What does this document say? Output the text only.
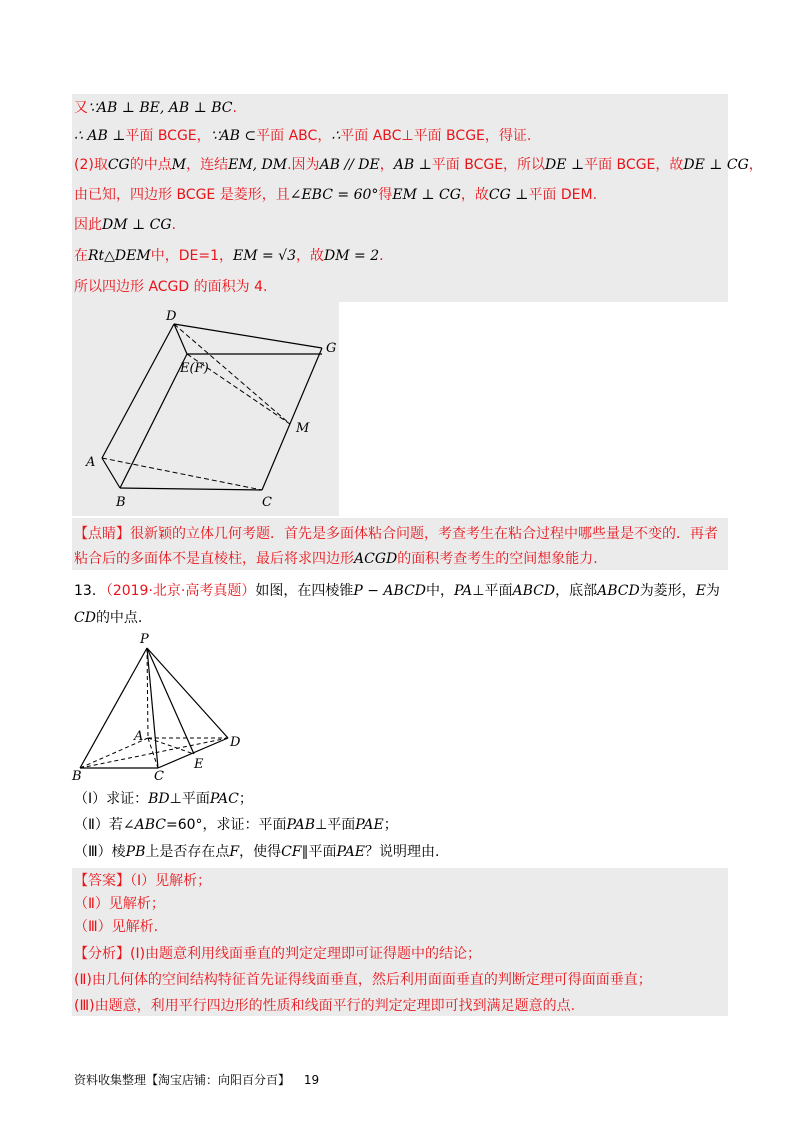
又∵AB ⊥ BE, AB ⊥ BC.
∴ AB ⊥平面 BCGE，∵AB ⊂平面 ABC，∴平面 ABC⊥平面 BCGE，得证.
(2)取CG的中点M，连结EM, DM.因为AB // DE，AB ⊥平面 BCGE，所以DE ⊥平面 BCGE，故DE ⊥ CG，
由已知，四边形 BCGE 是菱形，且∠EBC = 60°得EM ⊥ CG，故CG ⊥平面 DEM.
因此DM ⊥ CG.
在Rt△DEM中，DE=1，EM = √3，故DM = 2.
所以四边形 ACGD 的面积为 4.
D
G
E(F)
M
A
B	C
【点睛】很新颖的立体几何考题．首先是多面体粘合问题，考查考生在粘合过程中哪些量是不变的．再者粘合后的多面体不是直棱柱，最后将求四边形ACGD的面积考查考生的空间想象能力.
13．（2019·北京·高考真题）如图，在四棱锥P − ABCD中，PA⊥平面ABCD，底部ABCD为菱形，E为CD的中点.
P
A
B	C
D
E
（Ⅰ）求证：BD⊥平面PAC；
（Ⅱ）若∠ABC=60°，求证：平面PAB⊥平面PAE；
（Ⅲ）棱PB上是否存在点F，使得CF∥平面PAE？说明理由.
【答案】（Ⅰ）见解析；
（Ⅱ）见解析；
（Ⅲ）见解析.
【分析】(Ⅰ)由题意利用线面垂直的判定定理即可证得题中的结论；
(Ⅱ)由几何体的空间结构特征首先证得线面垂直，然后利用面面垂直的判断定理可得面面垂直；
(Ⅲ)由题意，利用平行四边形的性质和线面平行的判定定理即可找到满足题意的点.
资料收集整理【淘宝店铺：向阳百分百】 19
